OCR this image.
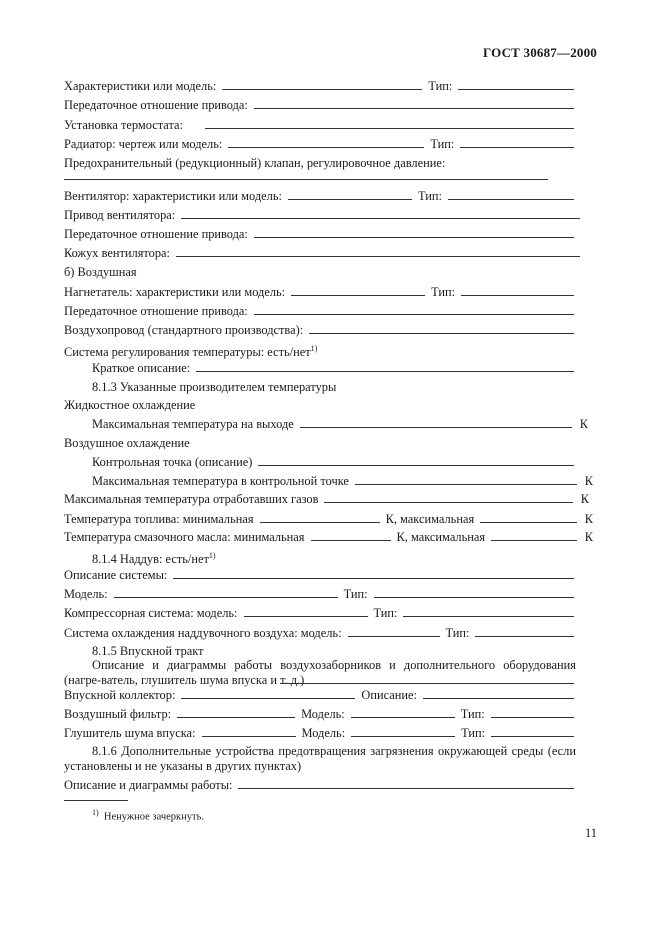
ГОСТ 30687—2000
Характеристики или модель:	Тип:
Передаточное отношение привода:
Установка термостата:
Радиатор: чертеж или модель:	Тип:
Предохранительный (редукционный) клапан, регулировочное давление:
Вентилятор: характеристики или модель:	Тип:
Привод вентилятора:
Передаточное отношение привода:
Кожух вентилятора:
б) Воздушная
Нагнетатель: характеристики или модель:	Тип:
Передаточное отношение привода:
Воздухопровод (стандартного производства):
Система регулирования температуры: есть/нет$^{1)}$
Краткое описание:
8.1.3 Указанные производителем температуры
Жидкостное охлаждение
Максимальная температура на выходе	К
Воздушное охлаждение
Контрольная точка (описание)
Максимальная температура в контрольной точке	К
Максимальная температура отработавших газов	К
Температура топлива: минимальная	К, максимальная	К
Температура смазочного масла: минимальная	К, максимальная	К
8.1.4 Наддув: есть/нет$^{1)}$
Описание системы:
Модель:	Тип:
Компрессорная система: модель:	Тип:
Система охлаждения наддувочного воздуха: модель:	Тип:
8.1.5 Впускной тракт
Описание и диаграммы работы воздухозаборников и дополнительного оборудования (нагре-ватель, глушитель шума впуска и т. д.)
Впускной коллектор:	Описание:
Воздушный фильтр:	Модель:	Тип:
Глушитель шума впуска:	Модель:	Тип:
8.1.6 Дополнительные устройства предотвращения загрязнения окружающей среды (если установлены и не указаны в других пунктах)
Описание и диаграммы работы:
$^{1)}$ Ненужное зачеркнуть.
11
